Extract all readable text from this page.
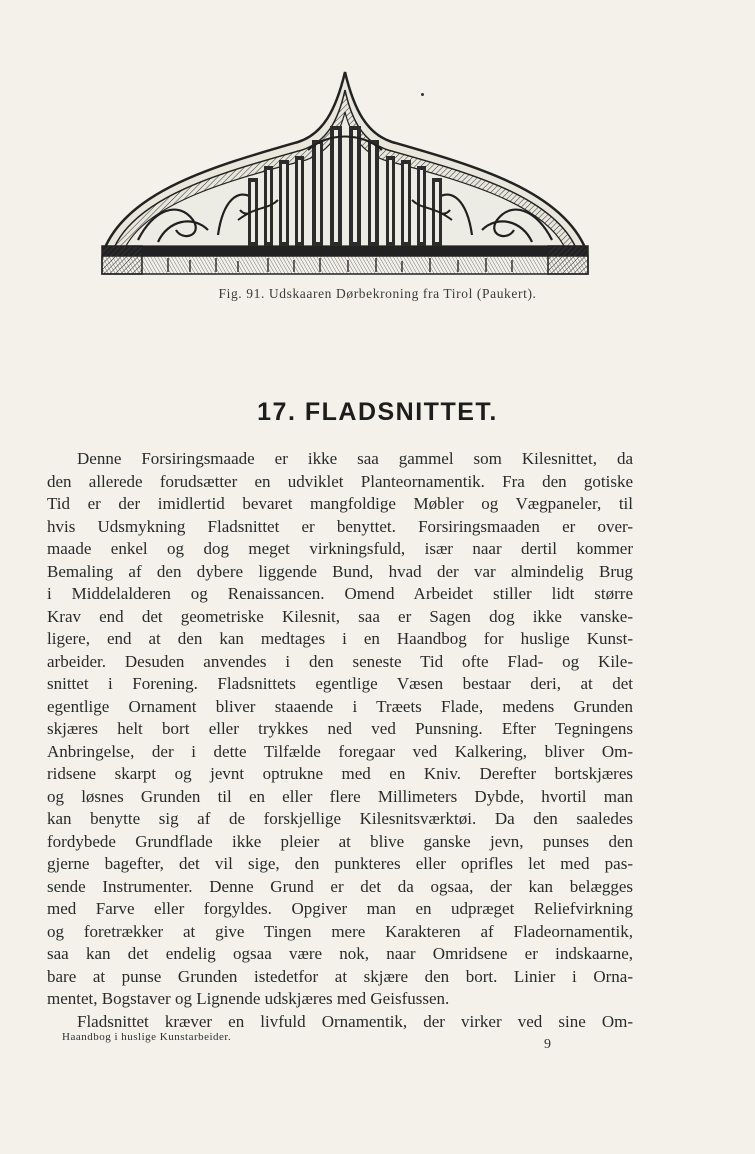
Fig. 91. Udskaaren Dørbekroning fra Tirol (Paukert).
17. FLADSNITTET.
Denne Forsiringsmaade er ikke saa gammel som Kilesnittet, da
den allerede forudsætter en udviklet Planteornamentik. Fra den gotiske
Tid er der imidlertid bevaret mangfoldige Møbler og Vægpaneler, til
hvis Udsmykning Fladsnittet er benyttet. Forsiringsmaaden er over-
maade enkel og dog meget virkningsfuld, især naar dertil kommer
Bemaling af den dybere liggende Bund, hvad der var almindelig Brug
i Middelalderen og Renaissancen. Omend Arbeidet stiller lidt større
Krav end det geometriske Kilesnit, saa er Sagen dog ikke vanske-
ligere, end at den kan medtages i en Haandbog for huslige Kunst-
arbeider. Desuden anvendes i den seneste Tid ofte Flad- og Kile-
snittet i Forening. Fladsnittets egentlige Væsen bestaar deri, at det
egentlige Ornament bliver staaende i Træets Flade, medens Grunden
skjæres helt bort eller trykkes ned ved Punsning. Efter Tegningens
Anbringelse, der i dette Tilfælde foregaar ved Kalkering, bliver Om-
ridsene skarpt og jevnt optrukne med en Kniv. Derefter bortskjæres
og løsnes Grunden til en eller flere Millimeters Dybde, hvortil man
kan benytte sig af de forskjellige Kilesnitsværktøi. Da den saaledes
fordybede Grundflade ikke pleier at blive ganske jevn, punses den
gjerne bagefter, det vil sige, den punkteres eller oprifles let med pas-
sende Instrumenter. Denne Grund er det da ogsaa, der kan belægges
med Farve eller forgyldes. Opgiver man en udpræget Reliefvirkning
og foretrækker at give Tingen mere Karakteren af Fladeornamentik,
saa kan det endelig ogsaa være nok, naar Omridsene er indskaarne,
bare at punse Grunden istedetfor at skjære den bort. Linier i Orna-
mentet, Bogstaver og Lignende udskjæres med Geisfussen.
Fladsnittet kræver en livfuld Ornamentik, der virker ved sine Om-
Haandbog i huslige Kunstarbeider.	9
